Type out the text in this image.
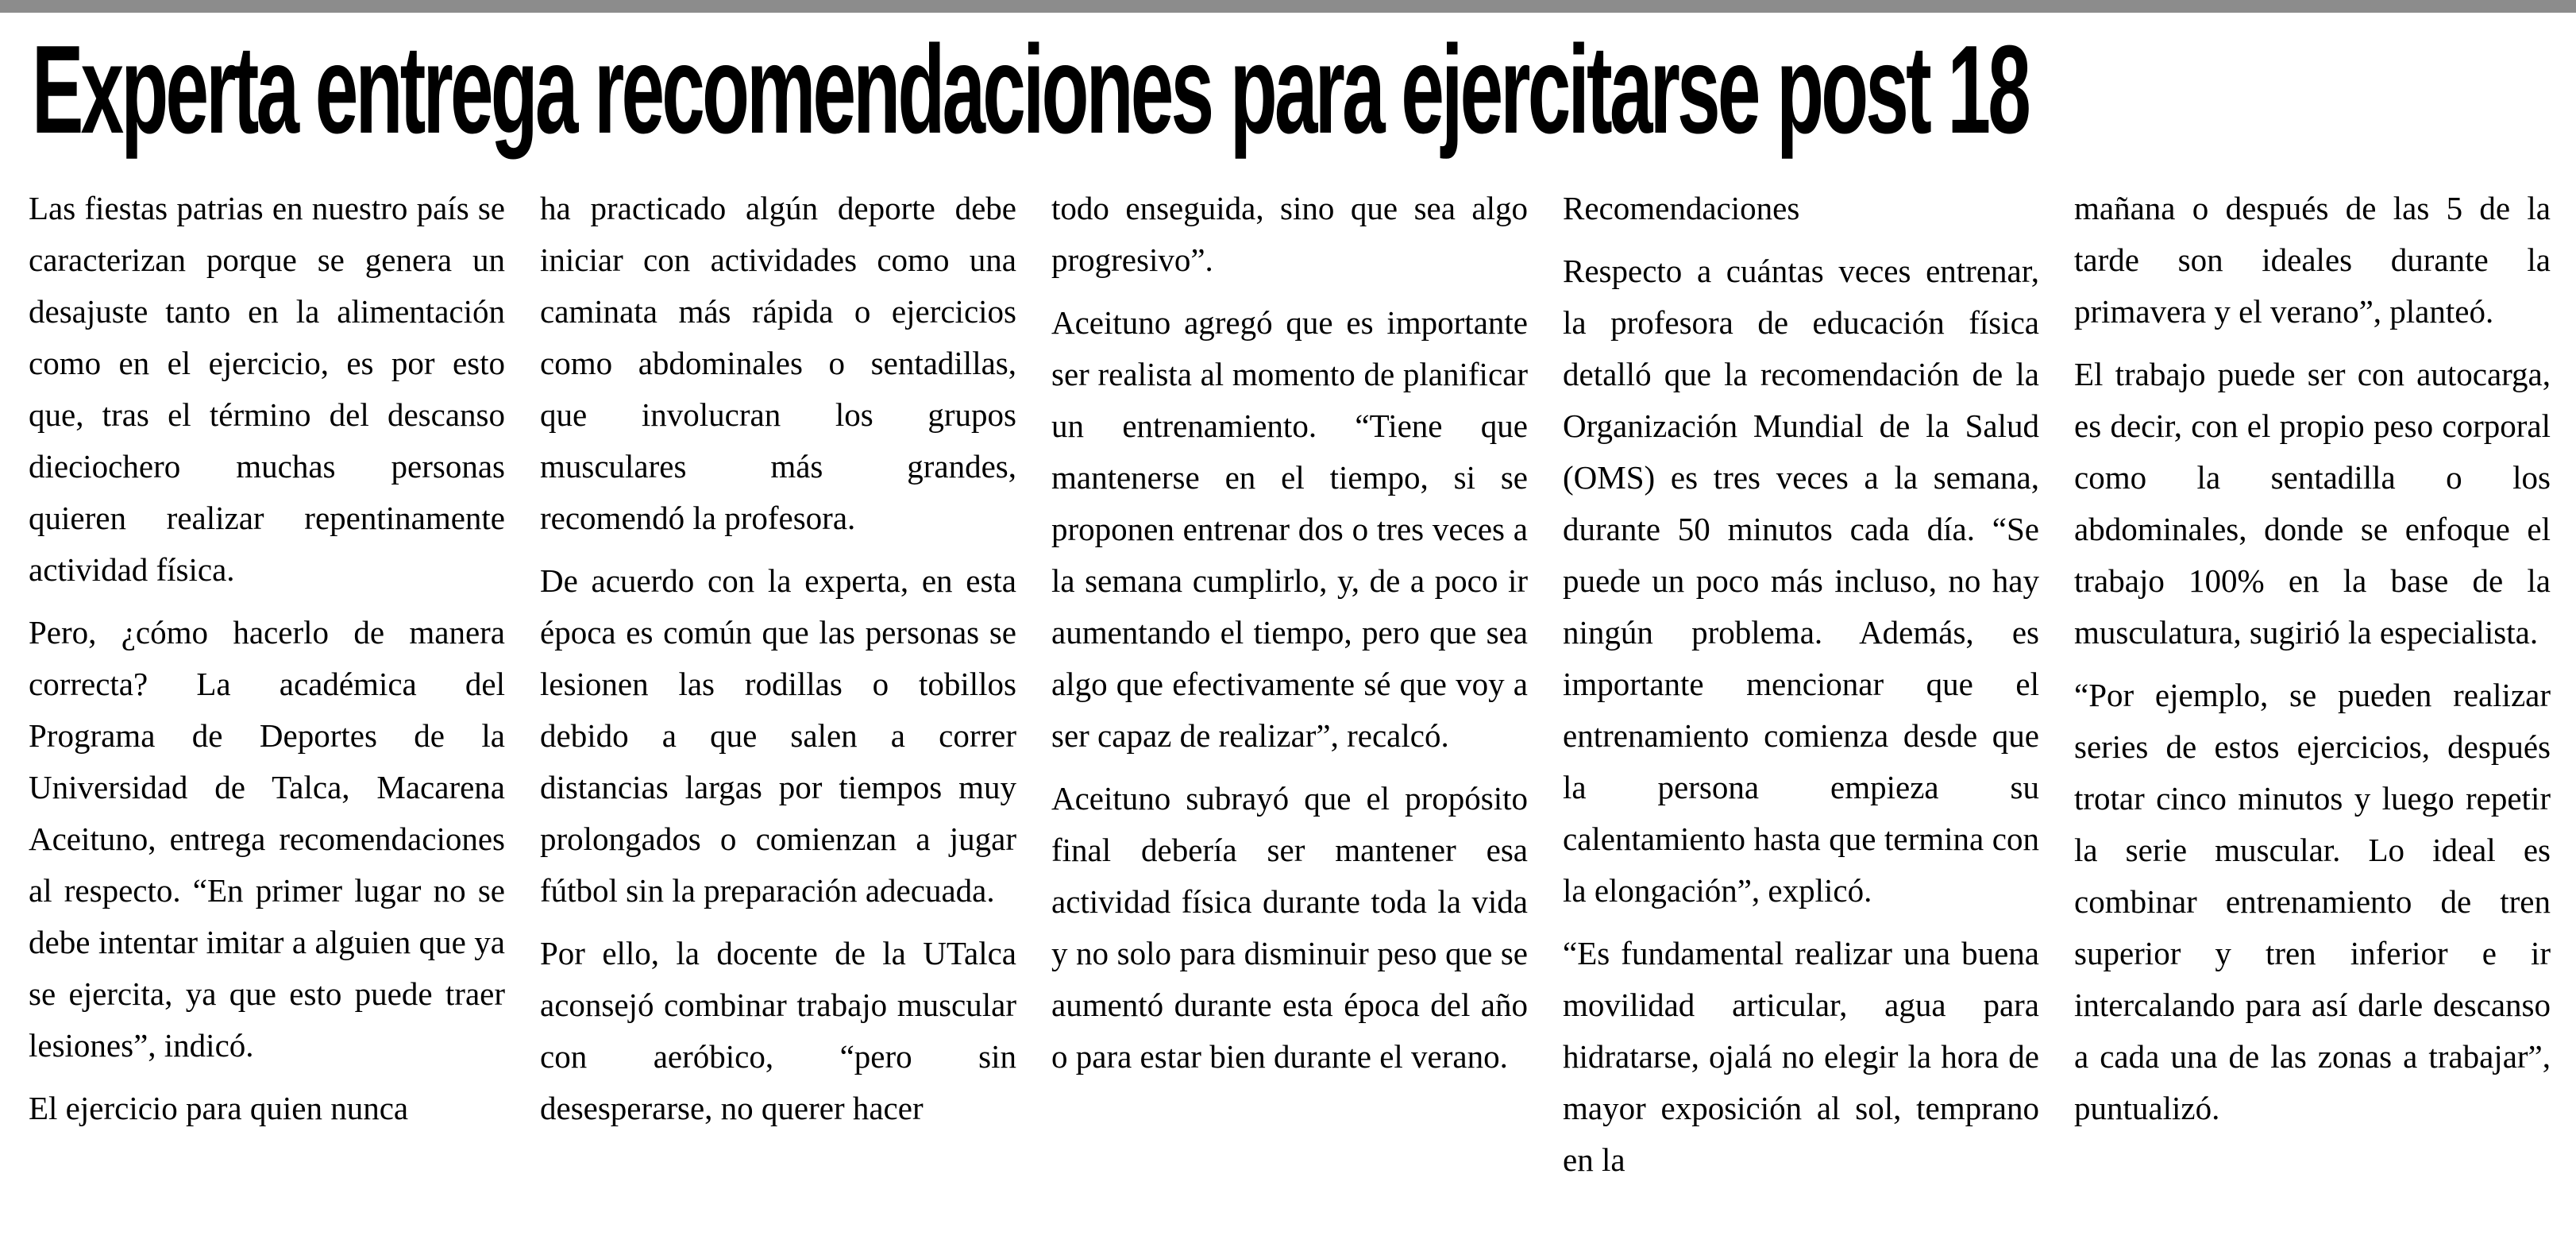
Experta entrega recomendaciones para ejercitarse post 18

Las fiestas patrias en nuestro país se caracterizan porque se genera un desajuste tanto en la alimentación como en el ejercicio, es por esto que, tras el término del descanso dieciochero muchas personas quieren realizar repentinamente actividad física.

Pero, ¿cómo hacerlo de manera correcta? La académica del Programa de Deportes de la Universidad de Talca, Macarena Aceituno, entrega recomendaciones al respecto. “En primer lugar no se debe intentar imitar a alguien que ya se ejercita, ya que esto puede traer lesiones”, indicó.

El ejercicio para quien nunca

ha practicado algún deporte debe iniciar con actividades como una caminata más rápida o ejercicios como abdominales o sentadillas, que involucran los grupos musculares más grandes, recomendó la profesora.

De acuerdo con la experta, en esta época es común que las personas se lesionen las rodillas o tobillos debido a que salen a correr distancias largas por tiempos muy prolongados o comienzan a jugar fútbol sin la preparación adecuada.

Por ello, la docente de la UTalca aconsejó combinar trabajo muscular con aeróbico, “pero sin desesperarse, no querer hacer

todo enseguida, sino que sea algo progresivo”.

Aceituno agregó que es importante ser realista al momento de planificar un entrenamiento. “Tiene que mantenerse en el tiempo, si se proponen entrenar dos o tres veces a la semana cumplirlo, y, de a poco ir aumentando el tiempo, pero que sea algo que efectivamente sé que voy a ser capaz de realizar”, recalcó.

Aceituno subrayó que el propósito final debería ser mantener esa actividad física durante toda la vida y no solo para disminuir peso que se aumentó durante esta época del año o para estar bien durante el verano.

Recomendaciones

Respecto a cuántas veces entrenar, la profesora de educación física detalló que la recomendación de la Organización Mundial de la Salud (OMS) es tres veces a la semana, durante 50 minutos cada día. “Se puede un poco más incluso, no hay ningún problema. Además, es importante mencionar que el entrenamiento comienza desde que la persona empieza su calentamiento hasta que termina con la elongación”, explicó.

“Es fundamental realizar una buena movilidad articular, agua para hidratarse, ojalá no elegir la hora de mayor exposición al sol, temprano en la

mañana o después de las 5 de la tarde son ideales durante la primavera y el verano”, planteó.

El trabajo puede ser con autocarga, es decir, con el propio peso corporal como la sentadilla o los abdominales, donde se enfoque el trabajo 100% en la base de la musculatura, sugirió la especialista.

“Por ejemplo, se pueden realizar series de estos ejercicios, después trotar cinco minutos y luego repetir la serie muscular. Lo ideal es combinar entrenamiento de tren superior y tren inferior e ir intercalando para así darle descanso a cada una de las zonas a trabajar”, puntualizó.
